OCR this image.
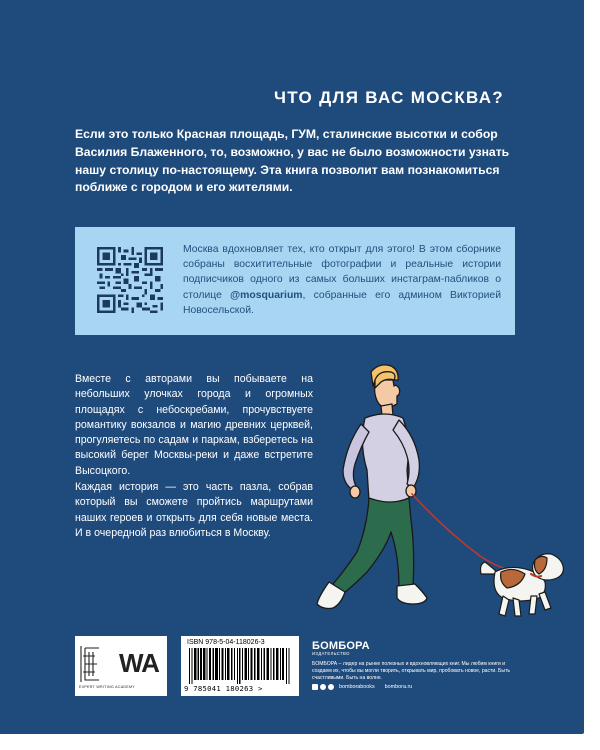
ЧТО ДЛЯ ВАС МОСКВА?
Если это только Красная площадь, ГУМ, сталинские высотки и собор Василия Блаженного, то, возможно, у вас не было возможности узнать нашу столицу по-настоящему. Эта книга позволит вам познакомиться поближе с городом и его жителями.
Москва вдохновляет тех, кто открыт для этого! В этом сборнике собраны восхитительные фотографии и реальные истории подписчиков одного из самых больших инстаграм-пабликов о столице @mosquarium, собранные его админом Викторией Новосельской.
Вместе с авторами вы побываете на небольших улочках города и огромных площадях с небоскребами, прочувствуете романтику вокзалов и магию древних церквей, прогуляетесь по садам и паркам, взберетесь на высокий берег Москвы-реки и даже встретите Высоцкого.
Каждая история — это часть пазла, собрав который вы сможете пройтись маршрутами наших героев и открыть для себя новые места. И в очередной раз влюбиться в Москву.
WA
EXPERT WRITING ACADEMY
ISBN 978-5-04-118026-3
9 785041 180263 >
БОМБОРА
ИЗДАТЕЛЬСТВО
БОМБОРА – лидер на рынке полезных и вдохновляющих книг. Мы любим книги и создаем их, чтобы вы могли творить, открывать мир, пробовать новое, расти. Быть счастливыми. Быть на волне.
bomborabooks bombora.ru
